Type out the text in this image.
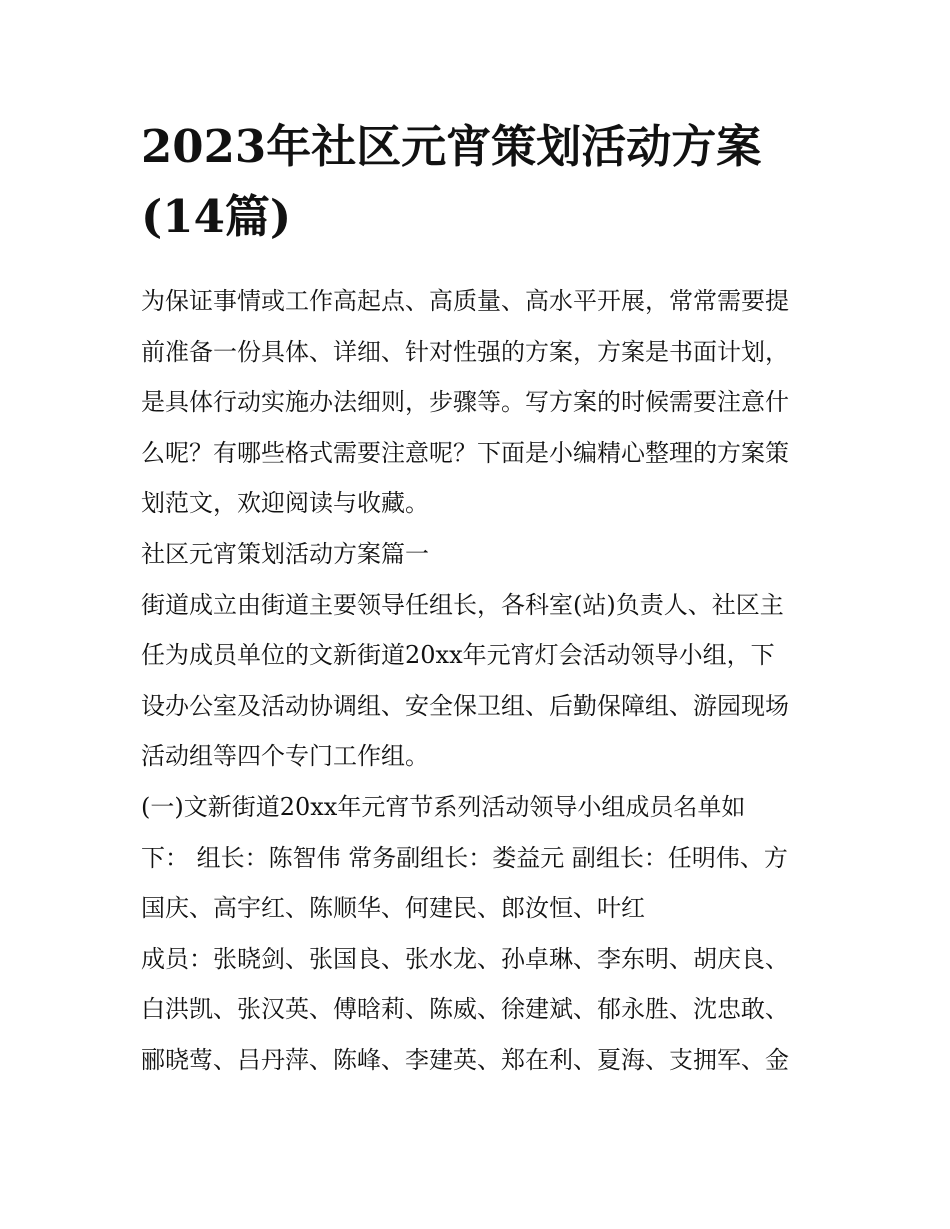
2023年社区元宵策划活动方案
(14篇)
为保证事情或工作高起点、高质量、高水平开展，常常需要提
前准备一份具体、详细、针对性强的方案，方案是书面计划，
是具体行动实施办法细则，步骤等。写方案的时候需要注意什
么呢？有哪些格式需要注意呢？下面是小编精心整理的方案策
划范文，欢迎阅读与收藏。
社区元宵策划活动方案篇一
街道成立由街道主要领导任组长，各科室(站)负责人、社区主
任为成员单位的文新街道20xx年元宵灯会活动领导小组，下
设办公室及活动协调组、安全保卫组、后勤保障组、游园现场
活动组等四个专门工作组。
(一)文新街道20xx年元宵节系列活动领导小组成员名单如
下： 组长：陈智伟 常务副组长：娄益元 副组长：任明伟、方
国庆、高宇红、陈顺华、何建民、郎汝恒、叶红
成员：张晓剑、张国良、张水龙、孙卓琳、李东明、胡庆良、
白洪凯、张汉英、傅晗莉、陈威、徐建斌、郁永胜、沈忠敢、
郦晓莺、吕丹萍、陈峰、李建英、郑在利、夏海、支拥军、金
